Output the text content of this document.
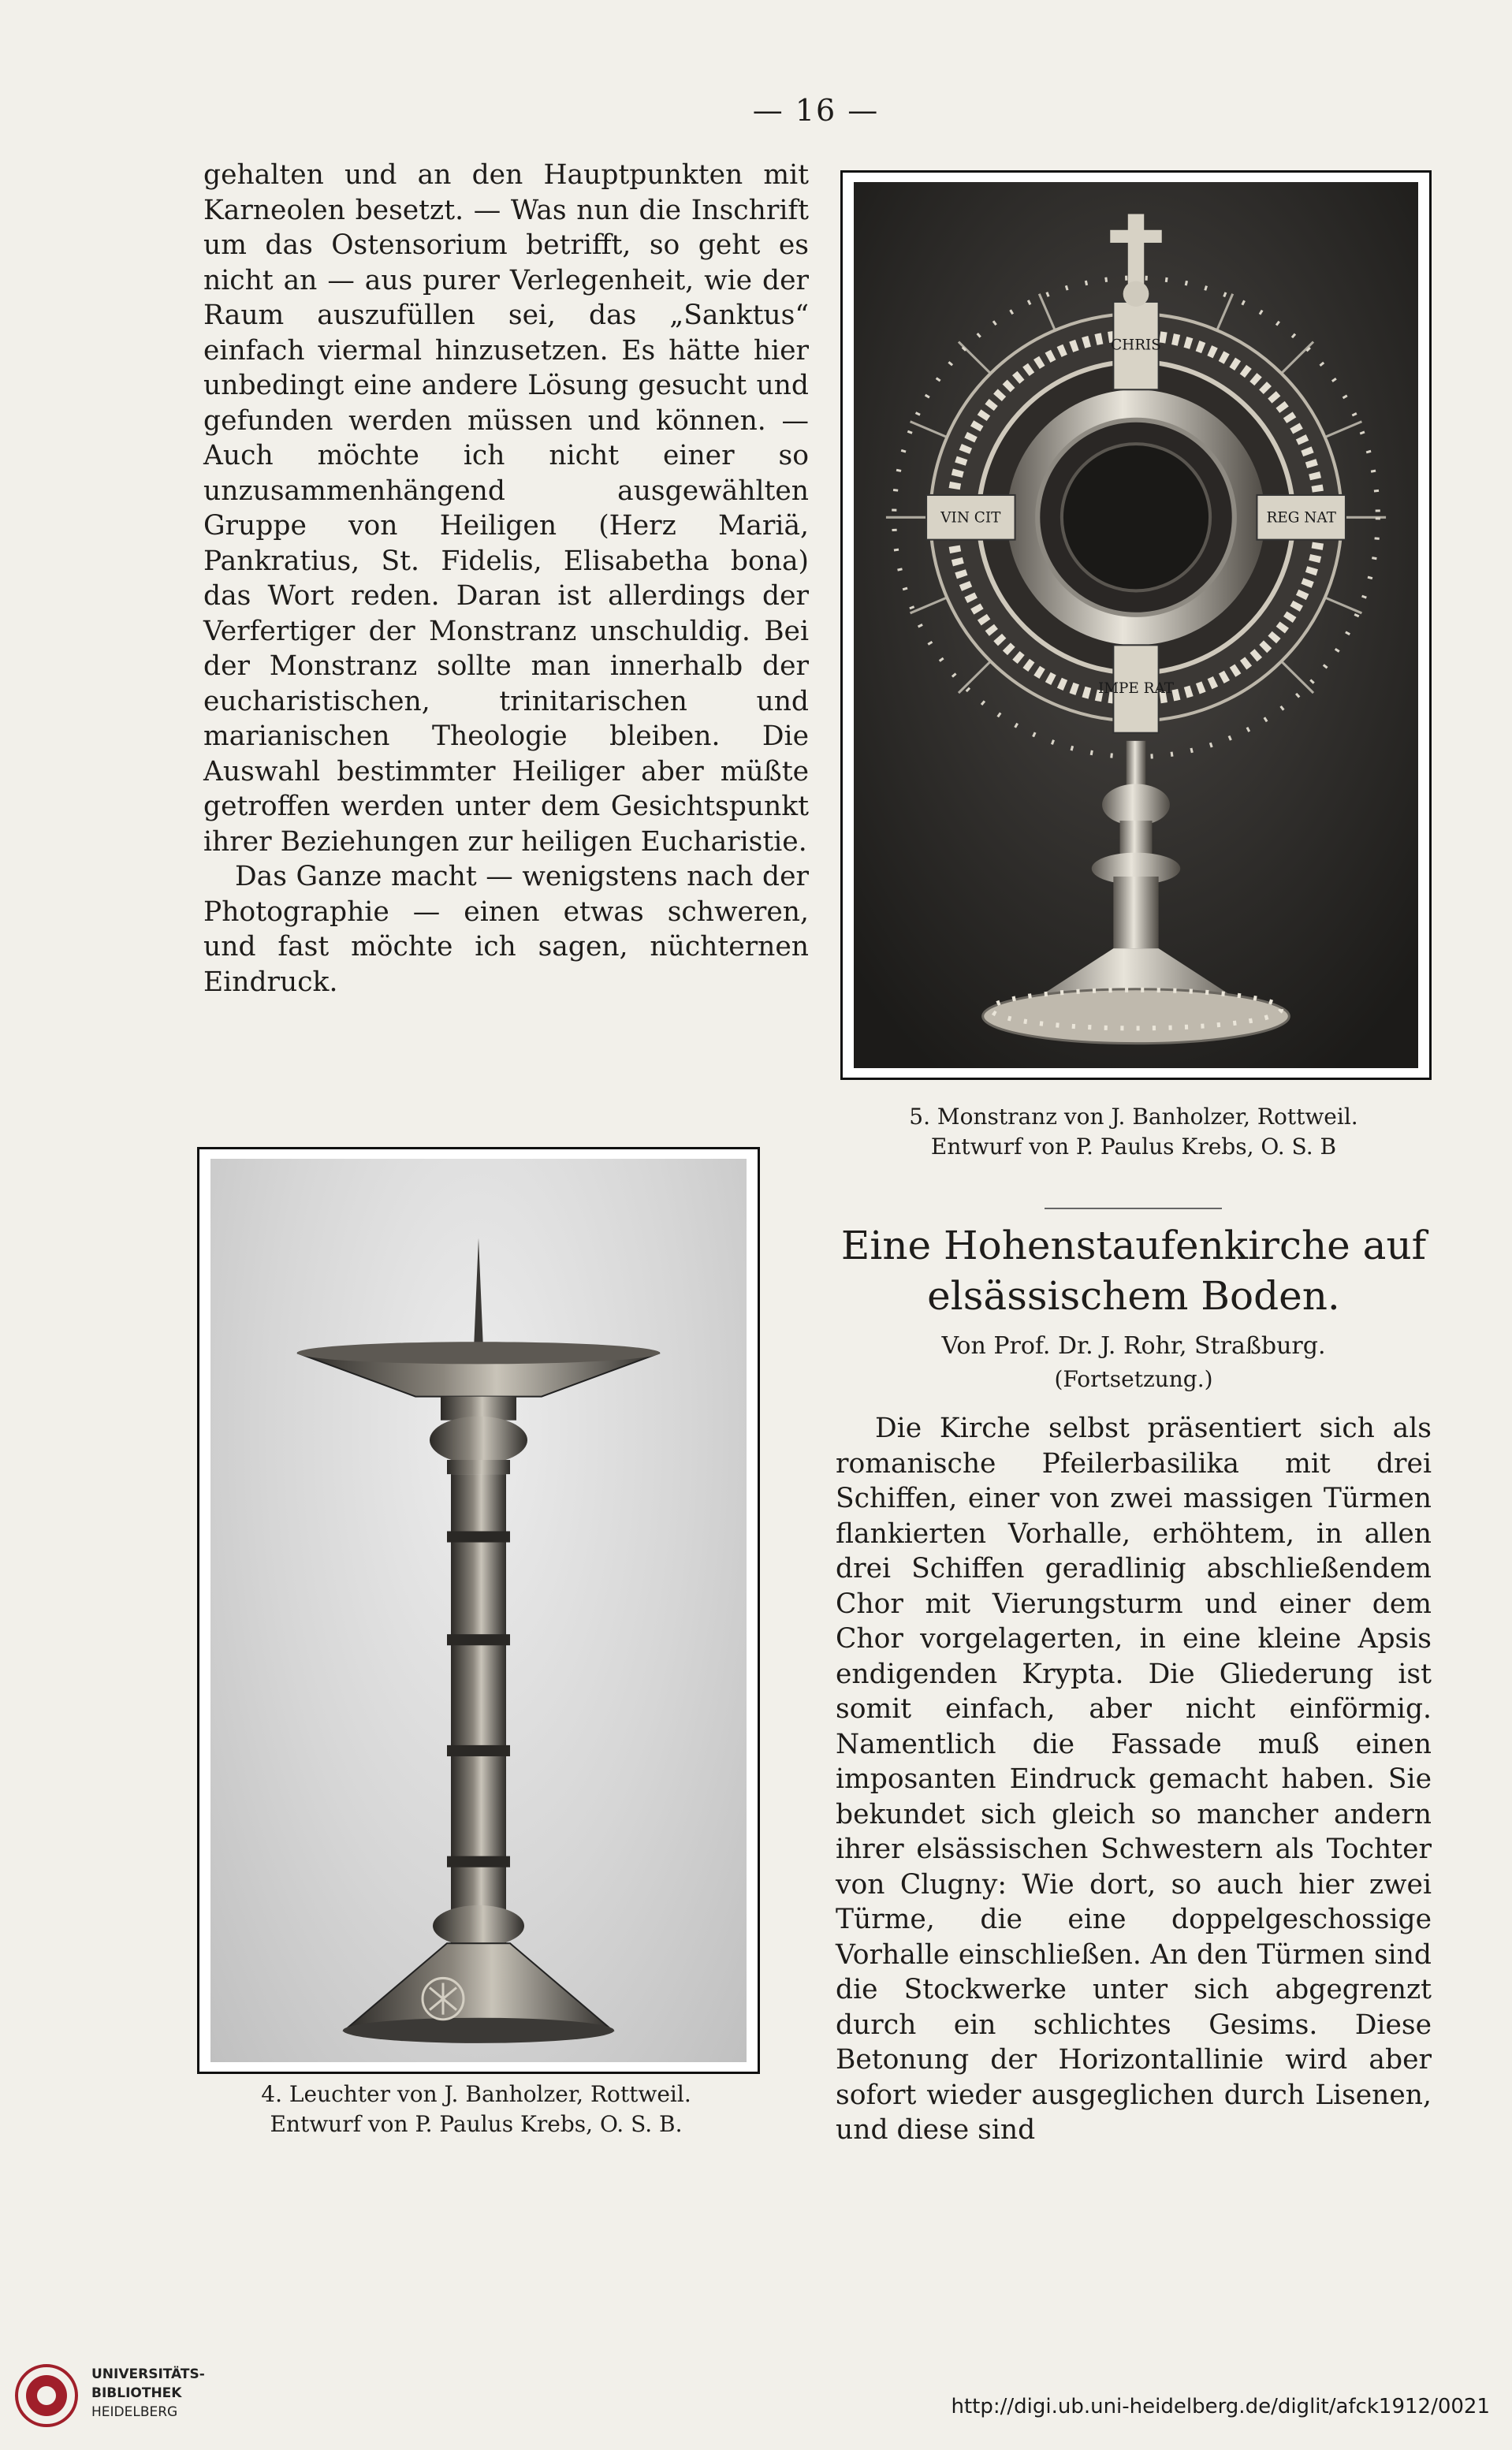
— 16 —

gehalten und an den Hauptpunkten mit Karneolen besetzt. — Was nun die Inschrift um das Ostensorium betrifft, so geht es nicht an — aus purer Verlegenheit, wie der Raum auszufüllen sei, das „Sanktus“ einfach viermal hinzusetzen. Es hätte hier unbedingt eine andere Lösung gesucht und gefunden werden müssen und können. — Auch möchte ich nicht einer so unzusammenhängend ausgewählten Gruppe von Heiligen (Herz Mariä, Pankratius, St. Fidelis, Elisabetha bona) das Wort reden. Daran ist allerdings der Verfertiger der Monstranz unschuldig. Bei der Monstranz sollte man innerhalb der eucharistischen, trinitarischen und marianischen Theologie bleiben. Die Auswahl bestimmter Heiliger aber müßte getroffen werden unter dem Gesichtspunkt ihrer Beziehungen zur heiligen Eucharistie.

Das Ganze macht — wenigstens nach der Photographie — einen etwas schweren, und fast möchte ich sagen, nüchternen Eindruck.

CHRIS
VIN CIT	REG NAT
IMPE RAT
5. Monstranz von J. Banholzer, Rottweil.
Entwurf von P. Paulus Krebs, O. S. B
4. Leuchter von J. Banholzer, Rottweil.
Entwurf von P. Paulus Krebs, O. S. B.
Eine Hohenstaufenkirche auf elsässischem Boden.
Von Prof. Dr. J. Rohr, Straßburg.
(Fortsetzung.)

Die Kirche selbst präsentiert sich als romanische Pfeilerbasilika mit drei Schiffen, einer von zwei massigen Türmen flankierten Vorhalle, erhöhtem, in allen drei Schiffen geradlinig abschließendem Chor mit Vierungsturm und einer dem Chor vorgelagerten, in eine kleine Apsis endigenden Krypta. Die Gliederung ist somit einfach, aber nicht einförmig. Namentlich die Fassade muß einen imposanten Eindruck gemacht haben. Sie bekundet sich gleich so mancher andern ihrer elsässischen Schwestern als Tochter von Clugny: Wie dort, so auch hier zwei Türme, die eine doppelgeschossige Vorhalle einschließen. An den Türmen sind die Stockwerke unter sich abgegrenzt durch ein schlichtes Gesims. Diese Betonung der Horizontallinie wird aber sofort wieder ausgeglichen durch Lisenen, und diese sind

UNIVERSITÄTS-
BIBLIOTHEK
HEIDELBERG	http://digi.ub.uni-heidelberg.de/diglit/afck1912/0021
